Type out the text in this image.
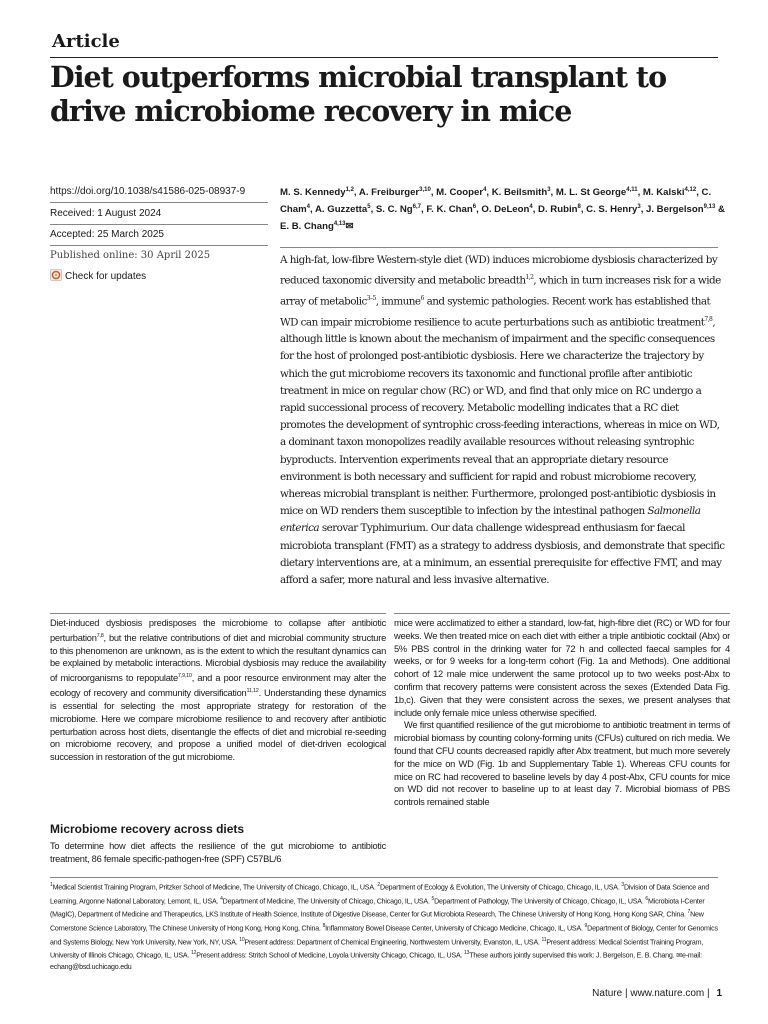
Article
Diet outperforms microbial transplant to drive microbiome recovery in mice
https://doi.org/10.1038/s41586-025-08937-9
Received: 1 August 2024
Accepted: 25 March 2025
Published online: 30 April 2025
Check for updates
M. S. Kennedy$^{1,2}$, A. Freiburger$^{3,10}$, M. Cooper$^4$, K. Beilsmith$^3$, M. L. St George$^{4,11}$, M. Kalski$^{4,12}$, C. Cham$^4$, A. Guzzetta$^5$, S. C. Ng$^{6,7}$, F. K. Chan$^6$, O. DeLeon$^4$, D. Rubin$^8$, C. S. Henry$^3$, J. Bergelson$^{9,13}$ & E. B. Chang$^{4,13}$✉
A high-fat, low-fibre Western-style diet (WD) induces microbiome dysbiosis characterized by reduced taxonomic diversity and metabolic breadth$^{1,2}$, which in turn increases risk for a wide array of metabolic$^{3-5}$, immune$^6$ and systemic pathologies. Recent work has established that WD can impair microbiome resilience to acute perturbations such as antibiotic treatment$^{7,8}$, although little is known about the mechanism of impairment and the specific consequences for the host of prolonged post-antibiotic dysbiosis. Here we characterize the trajectory by which the gut microbiome recovers its taxonomic and functional profile after antibiotic treatment in mice on regular chow (RC) or WD, and find that only mice on RC undergo a rapid successional process of recovery. Metabolic modelling indicates that a RC diet promotes the development of syntrophic cross-feeding interactions, whereas in mice on WD, a dominant taxon monopolizes readily available resources without releasing syntrophic byproducts. Intervention experiments reveal that an appropriate dietary resource environment is both necessary and sufficient for rapid and robust microbiome recovery, whereas microbial transplant is neither. Furthermore, prolonged post-antibiotic dysbiosis in mice on WD renders them susceptible to infection by the intestinal pathogen Salmonella enterica serovar Typhimurium. Our data challenge widespread enthusiasm for faecal microbiota transplant (FMT) as a strategy to address dysbiosis, and demonstrate that specific dietary interventions are, at a minimum, an essential prerequisite for effective FMT, and may afford a safer, more natural and less invasive alternative.
Diet-induced dysbiosis predisposes the microbiome to collapse after antibiotic perturbation$^{7,8}$, but the relative contributions of diet and microbial community structure to this phenomenon are unknown, as is the extent to which the resultant dynamics can be explained by metabolic interactions. Microbial dysbiosis may reduce the availability of microorganisms to repopulate$^{7,9,10}$, and a poor resource environment may alter the ecology of recovery and community diversification$^{11,12}$. Understanding these dynamics is essential for selecting the most appropriate strategy for restoration of the microbiome. Here we compare microbiome resilience to and recovery after antibiotic perturbation across host diets, disentangle the effects of diet and microbial re-seeding on microbiome recovery, and propose a unified model of diet-driven ecological succession in restoration of the gut microbiome.
Microbiome recovery across diets
To determine how diet affects the resilience of the gut microbiome to antibiotic treatment, 86 female specific-pathogen-free (SPF) C57BL/6

mice were acclimatized to either a standard, low-fat, high-fibre diet (RC) or WD for four weeks. We then treated mice on each diet with either a triple antibiotic cocktail (Abx) or 5% PBS control in the drinking water for 72 h and collected faecal samples for 4 weeks, or for 9 weeks for a long-term cohort (Fig. 1a and Methods). One additional cohort of 12 male mice underwent the same protocol up to two weeks post-Abx to confirm that recovery patterns were consistent across the sexes (Extended Data Fig. 1b,c). Given that they were consistent across the sexes, we present analyses that include only female mice unless otherwise specified.

We first quantified resilience of the gut microbiome to antibiotic treatment in terms of microbial biomass by counting colony-forming units (CFUs) cultured on rich media. We found that CFU counts decreased rapidly after Abx treatment, but much more severely for the mice on WD (Fig. 1b and Supplementary Table 1). Whereas CFU counts for mice on RC had recovered to baseline levels by day 4 post-Abx, CFU counts for mice on WD did not recover to baseline up to at least day 7. Microbial biomass of PBS controls remained stable

$^1$Medical Scientist Training Program, Pritzker School of Medicine, The University of Chicago, Chicago, IL, USA. $^2$Department of Ecology & Evolution, The University of Chicago, Chicago, IL, USA. $^3$Division of Data Science and Learning, Argonne National Laboratory, Lemont, IL, USA. $^4$Department of Medicine, The University of Chicago, Chicago, IL, USA. $^5$Department of Pathology, The University of Chicago, Chicago, IL, USA. $^6$Microbiota I-Center (MagIC), Department of Medicine and Therapeutics, LKS Institute of Health Science, Institute of Digestive Disease, Center for Gut Microbiota Research, The Chinese University of Hong Kong, Hong Kong SAR, China. $^7$New Cornerstone Science Laboratory, The Chinese University of Hong Kong, Hong Kong, China. $^8$Inflammatory Bowel Disease Center, University of Chicago Medicine, Chicago, IL, USA. $^9$Department of Biology, Center for Genomics and Systems Biology, New York University, New York, NY, USA. $^{10}$Present address: Department of Chemical Engineering, Northwestern University, Evanston, IL, USA. $^{11}$Present address: Medical Scientist Training Program, University of Illinois Chicago, Chicago, IL, USA. $^{12}$Present address: Stritch School of Medicine, Loyola University Chicago, Chicago, IL, USA. $^{13}$These authors jointly supervised this work: J. Bergelson, E. B. Chang. ✉e-mail: echang@bsd.uchicago.edu
Nature | www.nature.com | 1
